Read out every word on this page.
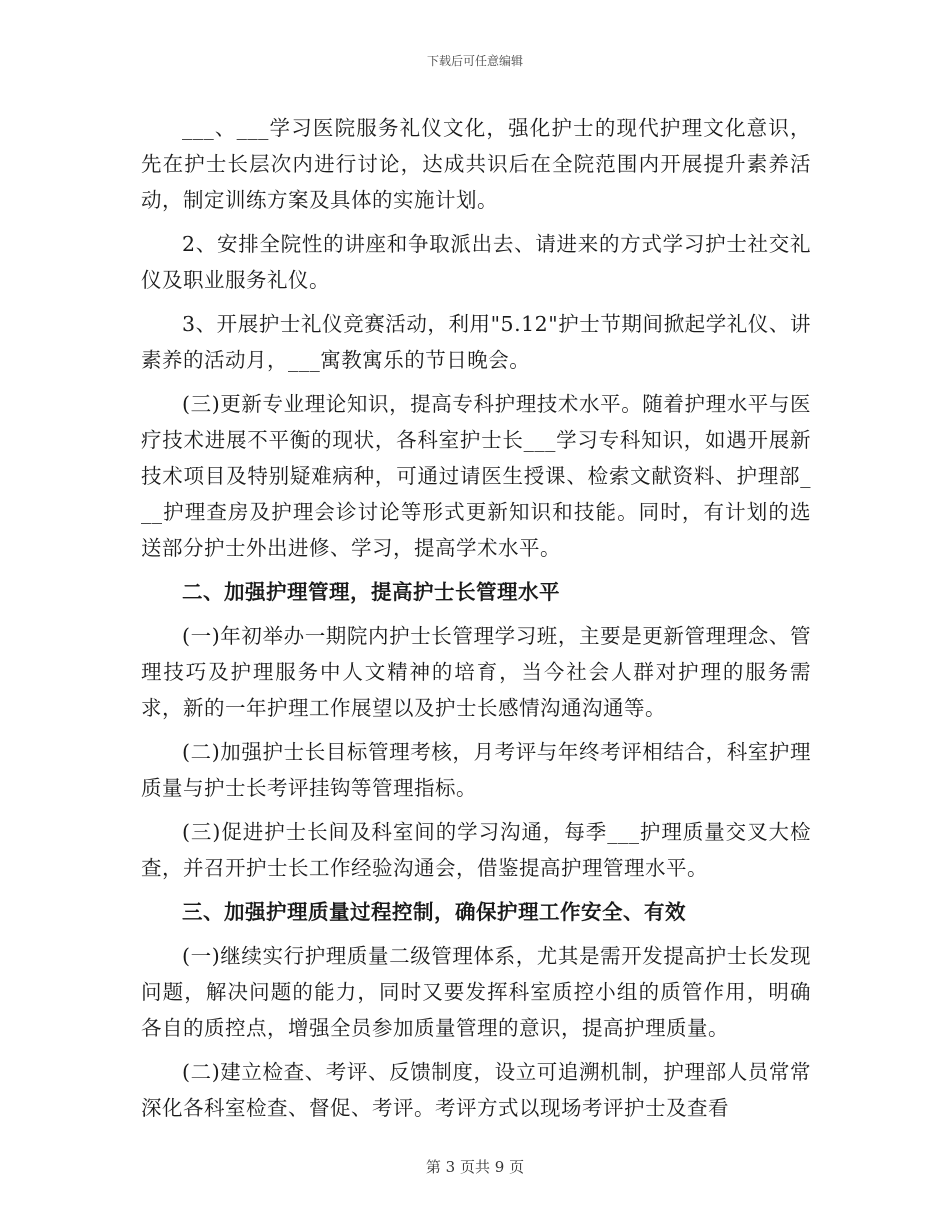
下载后可任意编辑

___、___学习医院服务礼仪文化，强化护士的现代护理文化意识，先在护士长层次内进行讨论，达成共识后在全院范围内开展提升素养活动，制定训练方案及具体的实施计划。

2、安排全院性的讲座和争取派出去、请进来的方式学习护士社交礼仪及职业服务礼仪。

3、开展护士礼仪竞赛活动，利用"5.12"护士节期间掀起学礼仪、讲素养的活动月，___寓教寓乐的节日晚会。

(三)更新专业理论知识，提高专科护理技术水平。随着护理水平与医疗技术进展不平衡的现状，各科室护士长___学习专科知识，如遇开展新技术项目及特别疑难病种，可通过请医生授课、检索文献资料、护理部___护理查房及护理会诊讨论等形式更新知识和技能。同时，有计划的选送部分护士外出进修、学习，提高学术水平。

二、加强护理管理，提高护士长管理水平

(一)年初举办一期院内护士长管理学习班，主要是更新管理理念、管理技巧及护理服务中人文精神的培育，当今社会人群对护理的服务需求，新的一年护理工作展望以及护士长感情沟通沟通等。

(二)加强护士长目标管理考核，月考评与年终考评相结合，科室护理质量与护士长考评挂钩等管理指标。

(三)促进护士长间及科室间的学习沟通，每季___护理质量交叉大检查，并召开护士长工作经验沟通会，借鉴提高护理管理水平。

三、加强护理质量过程控制，确保护理工作安全、有效

(一)继续实行护理质量二级管理体系，尤其是需开发提高护士长发现问题，解决问题的能力，同时又要发挥科室质控小组的质管作用，明确各自的质控点，增强全员参加质量管理的意识，提高护理质量。

(二)建立检查、考评、反馈制度，设立可追溯机制，护理部人员常常深化各科室检查、督促、考评。考评方式以现场考评护士及查看

第 3 页共 9 页
